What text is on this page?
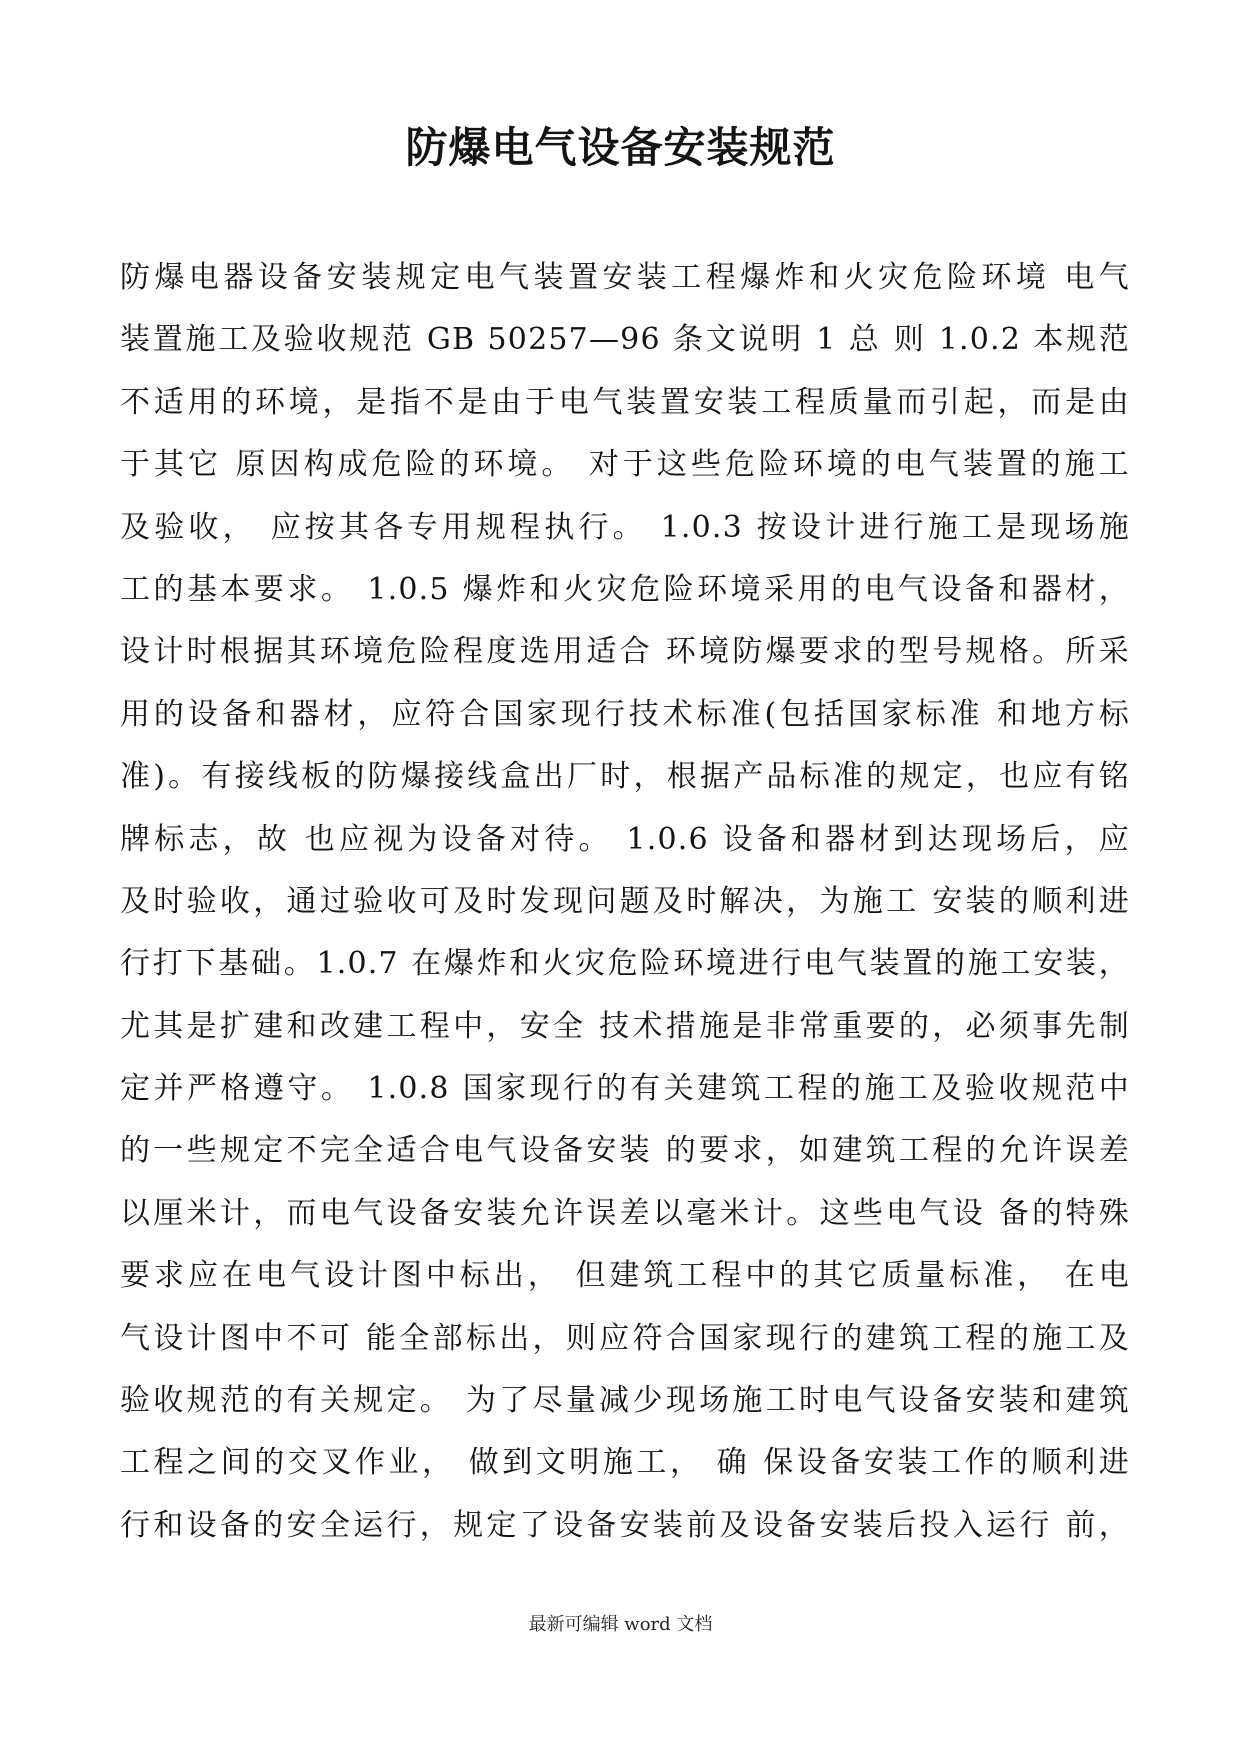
防爆电气设备安装规范
防爆电器设备安装规定电气装置安装工程爆炸和火灾危险环境 电气
装置施工及验收规范 GB 50257—96 条文说明 1 总 则 1.0.2 本规范
不适用的环境，是指不是由于电气装置安装工程质量而引起，而是由
于其它 原因构成危险的环境。 对于这些危险环境的电气装置的施工
及验收， 应按其各专用规程执行。 1.0.3 按设计进行施工是现场施
工的基本要求。 1.0.5 爆炸和火灾危险环境采用的电气设备和器材，
设计时根据其环境危险程度选用适合 环境防爆要求的型号规格。所采
用的设备和器材，应符合国家现行技术标准(包括国家标准 和地方标
准)。有接线板的防爆接线盒出厂时，根据产品标准的规定，也应有铭
牌标志，故 也应视为设备对待。 1.0.6 设备和器材到达现场后，应
及时验收，通过验收可及时发现问题及时解决，为施工 安装的顺利进
行打下基础。1.0.7 在爆炸和火灾危险环境进行电气装置的施工安装，
尤其是扩建和改建工程中，安全 技术措施是非常重要的，必须事先制
定并严格遵守。 1.0.8 国家现行的有关建筑工程的施工及验收规范中
的一些规定不完全适合电气设备安装 的要求，如建筑工程的允许误差
以厘米计，而电气设备安装允许误差以毫米计。这些电气设 备的特殊
要求应在电气设计图中标出， 但建筑工程中的其它质量标准， 在电
气设计图中不可 能全部标出，则应符合国家现行的建筑工程的施工及
验收规范的有关规定。 为了尽量减少现场施工时电气设备安装和建筑
工程之间的交叉作业， 做到文明施工， 确 保设备安装工作的顺利进
行和设备的安全运行，规定了设备安装前及设备安装后投入运行 前，
最新可编辑 word 文档
